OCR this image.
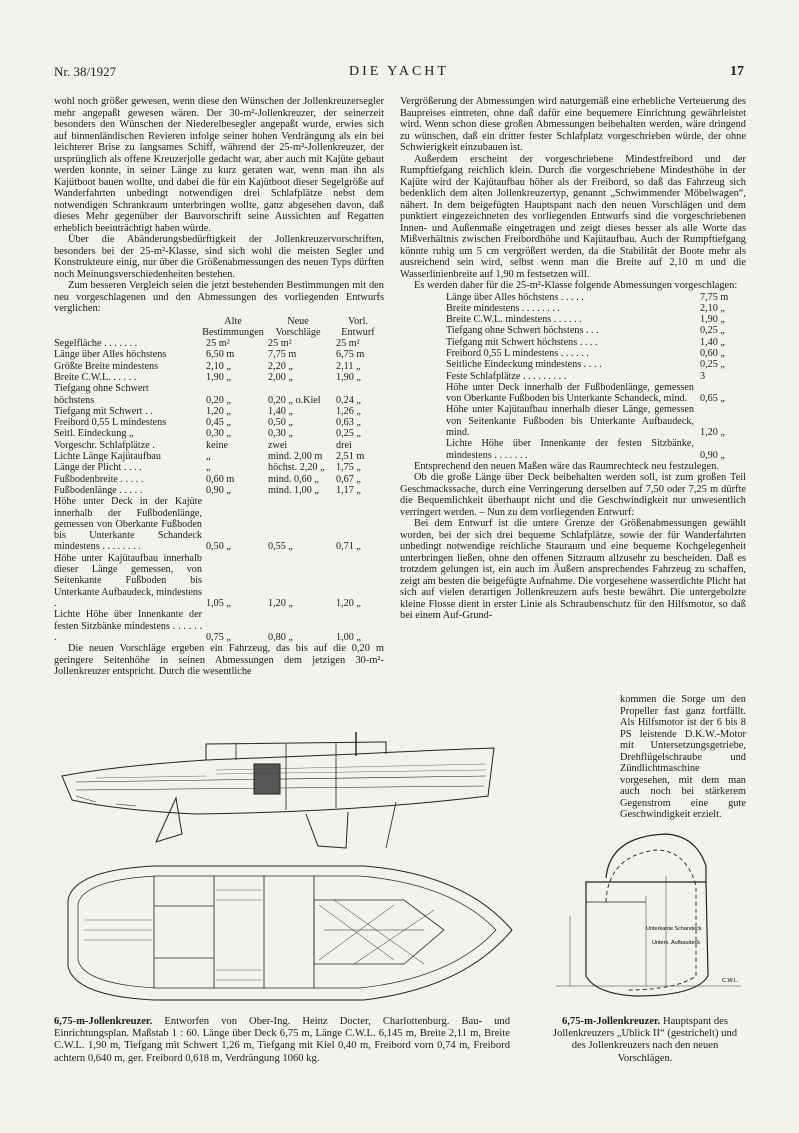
Nr. 38/1927	DIE YACHT	17

wohl noch größer gewesen, wenn diese den Wünschen der Jollenkreuzersegler mehr angepaßt gewesen wären. Der 30-m²-Jollenkreuzer, der seinerzeit besonders den Wünschen der Niederelbesegler angepaßt wurde, erwies sich auf binnenländischen Revieren infolge seiner hohen Verdrängung als ein bei leichterer Brise zu langsames Schiff, während der 25-m²-Jollenkreuzer, der ursprünglich als offene Kreuzerjolle gedacht war, aber auch mit Kajüte gebaut werden konnte, in seiner Länge zu kurz geraten war, wenn man ihn als Kajütboot bauen wollte, und dabei die für ein Kajütboot dieser Segelgröße auf Wanderfahrten unbedingt notwendigen drei Schlafplätze nebst dem notwendigen Schrankraum unterbringen wollte, ganz abgesehen davon, daß dieses Mehr gegenüber der Bauvorschrift seine Aussichten auf Regatten erheblich beeinträchtigt haben würde.

Über die Abänderungsbedürftigkeit der Jollenkreuzervorschriften, besonders bei der 25-m²-Klasse, sind sich wohl die meisten Segler und Konstrukteure einig, nur über die Größenabmessungen des neuen Typs dürften noch Meinungsverschiedenheiten bestehen.

Zum besseren Vergleich seien die jetzt bestehenden Bestimmungen mit den neu vorgeschlagenen und den Abmessungen des vorliegenden Entwurfs verglichen:

	Alte Bestimmungen	Neue Vorschläge	Vorl. Entwurf
Segelfläche . . . . . . .	25 m²	25 m²	25 m²
Länge über Alles höchstens	6,50 m	7,75 m	6,75 m
Größte Breite mindestens	2,10 „	2,20 „	2,11 „
Breite C.W.L. . . . . .	1,90 „	2,00 „	1,90 „
Tiefgang ohne Schwert			
höchstens	0,20 „	0,20 „ o.Kiel	0,24 „
Tiefgang mit Schwert . .	1,20 „	1,40 „	1,26 „
Freibord 0,55 L mindestens	0,45 „	0,50 „	0,63 „
Seitl. Eindeckung „	0,30 „	0,30 „	0,25 „
Vorgeschr. Schlafplätze .	keine	zwei	drei
Lichte Länge Kajütaufbau	„	mind. 2,00 m	2,51 m
Länge der Plicht . . . .	„	höchst. 2,20 „	1,75 „
Fußbodenbreite . . . . .	0,60 m	mind. 0,60 „	0,67 „
Fußbodenlänge . . . . .	0,90 „	mind. 1,00 „	1,17 „
Höhe unter Deck in der Kajüte innerhalb der Fußbodenlänge, gemessen von Oberkante Fußboden bis Unterkante Schandeck mindestens . . . . . . . .	0,50 „	0,55 „	0,71 „
Höhe unter Kajütaufbau innerhalb dieser Länge gemessen, von Seitenkante Fußboden bis Unterkante Aufbaudeck, mindestens .	1,05 „	1,20 „	1,20 „
Lichte Höhe über Innenkante der festen Sitzbänke mindestens . . . . . . .	0,75 „	0,80 „	1,00 „

Die neuen Vorschläge ergeben ein Fahrzeug, das bis auf die 0,20 m geringere Seitenhöhe in seinen Abmessungen dem jetzigen 30-m²-Jollenkreuzer entspricht. Durch die wesentliche

Vergrößerung der Abmessungen wird naturgemäß eine erhebliche Verteuerung des Baupreises eintreten, ohne daß dafür eine bequemere Einrichtung gewährleistet wird. Wenn schon diese großen Abmessungen beibehalten werden, wäre dringend zu wünschen, daß ein dritter fester Schlafplatz vorgeschrieben würde, der ohne Schwierigkeit einzubauen ist.

Außerdem erscheint der vorgeschriebene Mindestfreibord und der Rumpftiefgang reichlich klein. Durch die vorgeschriebene Mindesthöhe in der Kajüte wird der Kajütaufbau höher als der Freibord, so daß das Fahrzeug sich bedenklich dem alten Jollenkreuzertyp, genannt „Schwimmender Möbelwagen“, nähert. In dem beigefügten Hauptspant nach den neuen Vorschlägen und dem punktiert eingezeichneten des vorliegenden Entwurfs sind die vorgeschriebenen Innen- und Außenmaße eingetragen und zeigt dieses besser als alle Worte das Mißverhältnis zwischen Freibordhöhe und Kajütaufbau. Auch der Rumpftiefgang könnte ruhig um 5 cm vergrößert werden, da die Stabilität der Boote mehr als ausreichend sein wird, selbst wenn man die Breite auf 2,10 m und die Wasserlinienbreite auf 1,90 m festsetzen will.

Es werden daher für die 25-m²-Klasse folgende Abmessungen vorgeschlagen:

Länge über Alles höchstens . . . . .	7,75 m
Breite mindestens . . . . . . . .	2,10 „
Breite C.W.L. mindestens . . . . . .	1,90 „
Tiefgang ohne Schwert höchstens . . .	0,25 „
Tiefgang mit Schwert höchstens . . . .	1,40 „
Freibord 0,55 L mindestens . . . . . .	0,60 „
Seitliche Eindeckung mindestens . . . .	0,25 „
Feste Schlafplätze . . . . . . . . .	3
Höhe unter Deck innerhalb der Fußbodenlänge, gemessen von Oberkante Fußboden bis Unterkante Schandeck, mind.	0,65 „
Höhe unter Kajütaufbau innerhalb dieser Länge, gemessen von Seitenkante Fußboden bis Unterkante Aufbaudeck, mind.	1,20 „
Lichte Höhe über Innenkante der festen Sitzbänke, mindestens . . . . . . .	0,90 „

Entsprechend den neuen Maßen wäre das Raumrechteck neu festzulegen.

Ob die große Länge über Deck beibehalten werden soll, ist zum großen Teil Geschmackssache, durch eine Verringerung derselben auf 7,50 oder 7,25 m dürfte die Bequemlichkeit überhaupt nicht und die Geschwindigkeit nur unwesentlich verringert werden. – Nun zu dem vorliegenden Entwurf:

Bei dem Entwurf ist die untere Grenze der Größenabmessungen gewählt worden, bei der sich drei bequeme Schlafplätze, sowie der für Wanderfahrten unbedingt notwendige reichliche Stauraum und eine bequeme Kochgelegenheit unterbringen ließen, ohne den offenen Sitzraum allzusehr zu bescheiden. Daß es trotzdem gelungen ist, ein auch im Äußern ansprechendes Fahrzeug zu schaffen, zeigt am besten die beigefügte Aufnahme. Die vorgesehene wasserdichte Plicht hat sich auf vielen derartigen Jollenkreuzern aufs beste bewährt. Die untergebolzte kleine Flosse dient in erster Linie als Schraubenschutz für den Hilfsmotor, so daß bei einem Auf-Grund-

kommen die Sorge um den Propeller fast ganz fortfällt. Als Hilfsmotor ist der 6 bis 8 PS leistende D.K.W.-Motor mit Untersetzungsgetriebe, Drehflügelschraube und Zündlichtmaschine vorgesehen, mit dem man auch noch bei stärkerem Gegenstrom eine gute Geschwindigkeit erzielt.
Unterkante Schandeck
Unterk. Aufbaudeck
C.W.L.
6,75-m-Jollenkreuzer. Entworfen von Ober-Ing. Heinz Docter, Charlottenburg. Bau- und Einrichtungsplan. Maßstab 1 : 60. Länge über Deck 6,75 m, Länge C.W.L. 6,145 m, Breite 2,11 m, Breite C.W.L. 1,90 m, Tiefgang mit Schwert 1,26 m, Tiefgang mit Kiel 0,40 m, Freibord vorn 0,74 m, Freibord achtern 0,640 m, ger. Freibord 0,618 m, Verdrängung 1060 kg.
6,75-m-Jollenkreuzer. Hauptspant des Jollenkreuzers „Ublick II“ (gestrichelt) und des Jollenkreuzers nach den neuen Vorschlägen.
